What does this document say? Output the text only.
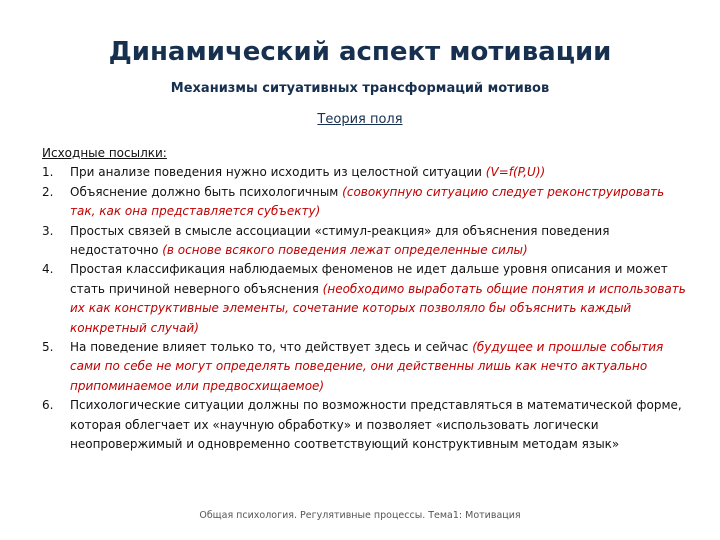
Динамический аспект мотивации
Механизмы ситуативных трансформаций мотивов
Теория поля
Исходные посылки:
1. При анализе поведения нужно исходить из целостной ситуации (V=f(P,U))
2. Объяснение должно быть психологичным (совокупную ситуацию следует реконструировать так, как она представляется субъекту)
3. Простых связей в смысле ассоциации «стимул-реакция» для объяснения поведения недостаточно (в основе всякого поведения лежат определенные силы)
4. Простая классификация наблюдаемых феноменов не идет дальше уровня описания и может стать причиной неверного объяснения (необходимо выработать общие понятия и использовать их как конструктивные элементы, сочетание которых позволяло бы объяснить каждый конкретный случай)
5. На поведение влияет только то, что действует здесь и сейчас (будущее и прошлые события сами по себе не могут определять поведение, они действенны лишь как нечто актуально припоминаемое или предвосхищаемое)
6. Психологические ситуации должны по возможности представляться в математической форме, которая облегчает их «научную обработку» и позволяет «использовать логически неопровержимый и одновременно соответствующий конструктивным методам язык»
Общая психология. Регулятивные процессы. Тема1: Мотивация
